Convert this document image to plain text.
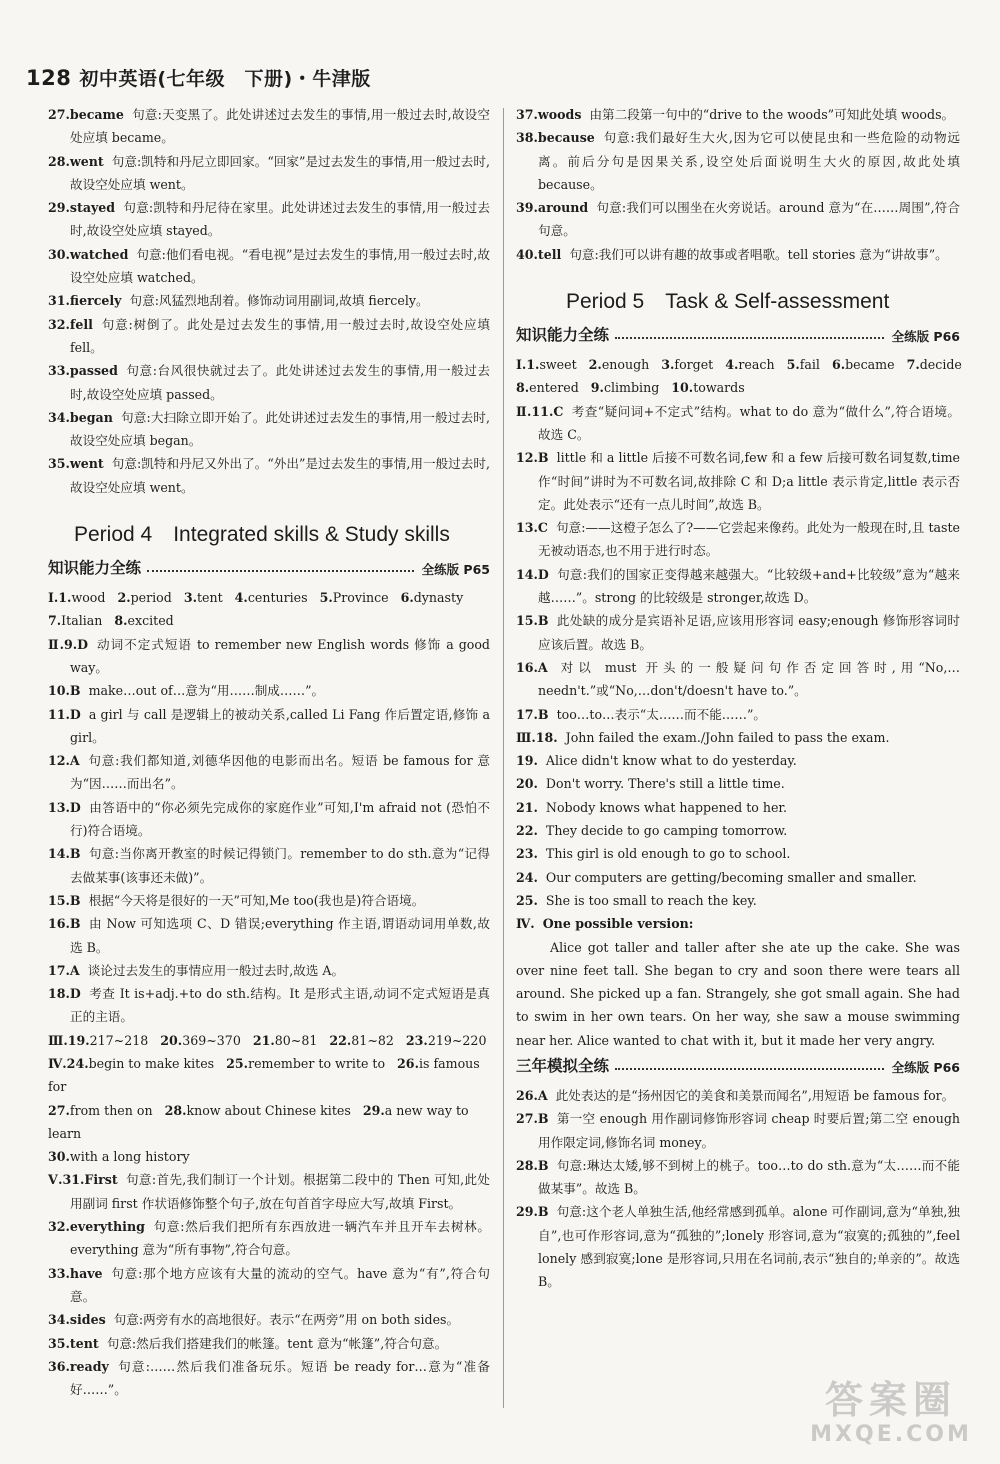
128 初中英语(七年级　下册)・牛津版
27.became 句意:天变黑了。此处讲述过去发生的事情,用一般过去时,故设空处应填 became。
28.went 句意:凯特和丹尼立即回家。“回家”是过去发生的事情,用一般过去时,故设空处应填 went。
29.stayed 句意:凯特和丹尼待在家里。此处讲述过去发生的事情,用一般过去时,故设空处应填 stayed。
30.watched 句意:他们看电视。“看电视”是过去发生的事情,用一般过去时,故设空处应填 watched。
31.fiercely 句意:风猛烈地刮着。修饰动词用副词,故填 fiercely。
32.fell 句意:树倒了。此处是过去发生的事情,用一般过去时,故设空处应填 fell。
33.passed 句意:台风很快就过去了。此处讲述过去发生的事情,用一般过去时,故设空处应填 passed。
34.began 句意:大扫除立即开始了。此处讲述过去发生的事情,用一般过去时,故设空处应填 began。
35.went 句意:凯特和丹尼又外出了。“外出”是过去发生的事情,用一般过去时,故设空处应填 went。
Period 4　Integrated skills & Study skills
知识能力全练	全练版 P65
Ⅰ.1.wood 2.period 3.tent 4.centuries 5.Province 6.dynasty
7.Italian 8.excited
Ⅱ.9.D 动词不定式短语 to remember new English words 修饰 a good way。
10.B make…out of…意为“用……制成……”。
11.D a girl 与 call 是逻辑上的被动关系,called Li Fang 作后置定语,修饰 a girl。
12.A 句意:我们都知道,刘德华因他的电影而出名。短语 be famous for 意为“因……而出名”。
13.D 由答语中的“你必须先完成你的家庭作业”可知,I'm afraid not (恐怕不行)符合语境。
14.B 句意:当你离开教室的时候记得锁门。remember to do sth.意为“记得去做某事(该事还未做)”。
15.B 根据“今天将是很好的一天”可知,Me too(我也是)符合语境。
16.B 由 Now 可知选项 C、D 错误;everything 作主语,谓语动词用单数,故选 B。
17.A 谈论过去发生的事情应用一般过去时,故选 A。
18.D 考查 It is+adj.+to do sth.结构。It 是形式主语,动词不定式短语是真正的主语。
Ⅲ.19.217~218 20.369~370 21.80~81 22.81~82 23.219~220
Ⅳ.24.begin to make kites 25.remember to write to 26.is famous for
27.from then on 28.know about Chinese kites 29.a new way to learn
30.with a long history
Ⅴ.31.First 句意:首先,我们制订一个计划。根据第二段中的 Then 可知,此处用副词 first 作状语修饰整个句子,放在句首首字母应大写,故填 First。
32.everything 句意:然后我们把所有东西放进一辆汽车并且开车去树林。everything 意为“所有事物”,符合句意。
33.have 句意:那个地方应该有大量的流动的空气。have 意为“有”,符合句意。
34.sides 句意:两旁有水的高地很好。表示“在两旁”用 on both sides。
35.tent 句意:然后我们搭建我们的帐篷。tent 意为“帐篷”,符合句意。
36.ready 句意:……然后我们准备玩乐。短语 be ready for…意为“准备好……”。
37.woods 由第二段第一句中的“drive to the woods”可知此处填 woods。
38.because 句意:我们最好生大火,因为它可以使昆虫和一些危险的动物远离。前后分句是因果关系,设空处后面说明生大火的原因,故此处填 because。
39.around 句意:我们可以围坐在火旁说话。around 意为“在……周围”,符合句意。
40.tell 句意:我们可以讲有趣的故事或者唱歌。tell stories 意为“讲故事”。
Period 5　Task & Self-assessment
知识能力全练	全练版 P66
Ⅰ.1.sweet 2.enough 3.forget 4.reach 5.fail 6.became 7.decide
8.entered 9.climbing 10.towards
Ⅱ.11.C 考查“疑问词+不定式”结构。what to do 意为“做什么”,符合语境。故选 C。
12.B little 和 a little 后接不可数名词,few 和 a few 后接可数名词复数,time 作“时间”讲时为不可数名词,故排除 C 和 D;a little 表示肯定,little 表示否定。此处表示“还有一点儿时间”,故选 B。
13.C 句意:——这橙子怎么了?——它尝起来像药。此处为一般现在时,且 taste 无被动语态,也不用于进行时态。
14.D 句意:我们的国家正变得越来越强大。“比较级+and+比较级”意为“越来越……”。strong 的比较级是 stronger,故选 D。
15.B 此处缺的成分是宾语补足语,应该用形容词 easy;enough 修饰形容词时应该后置。故选 B。
16.A 对以 must 开头的一般疑问句作否定回答时,用“No,…needn't.”或“No,…don't/doesn't have to.”。
17.B too…to…表示“太……而不能……”。
Ⅲ.18. John failed the exam./John failed to pass the exam.
19. Alice didn't know what to do yesterday.
20. Don't worry. There's still a little time.
21. Nobody knows what happened to her.
22. They decide to go camping tomorrow.
23. This girl is old enough to go to school.
24. Our computers are getting/becoming smaller and smaller.
25. She is too small to reach the key.
Ⅳ. One possible version:
Alice got taller and taller after she ate up the cake. She was over nine feet tall. She began to cry and soon there were tears all around. She picked up a fan. Strangely, she got small again. She had to swim in her own tears. On her way, she saw a mouse swimming near her. Alice wanted to chat with it, but it made her very angry.
三年模拟全练	全练版 P66
26.A 此处表达的是“扬州因它的美食和美景而闻名”,用短语 be famous for。
27.B 第一空 enough 用作副词修饰形容词 cheap 时要后置;第二空 enough 用作限定词,修饰名词 money。
28.B 句意:琳达太矮,够不到树上的桃子。too…to do sth.意为“太……而不能做某事”。故选 B。
29.B 句意:这个老人单独生活,他经常感到孤单。alone 可作副词,意为“单独,独自”,也可作形容词,意为“孤独的”;lonely 形容词,意为“寂寞的;孤独的”,feel lonely 感到寂寞;lone 是形容词,只用在名词前,表示“独自的;单亲的”。故选 B。
答案圈
MXQE.COM
